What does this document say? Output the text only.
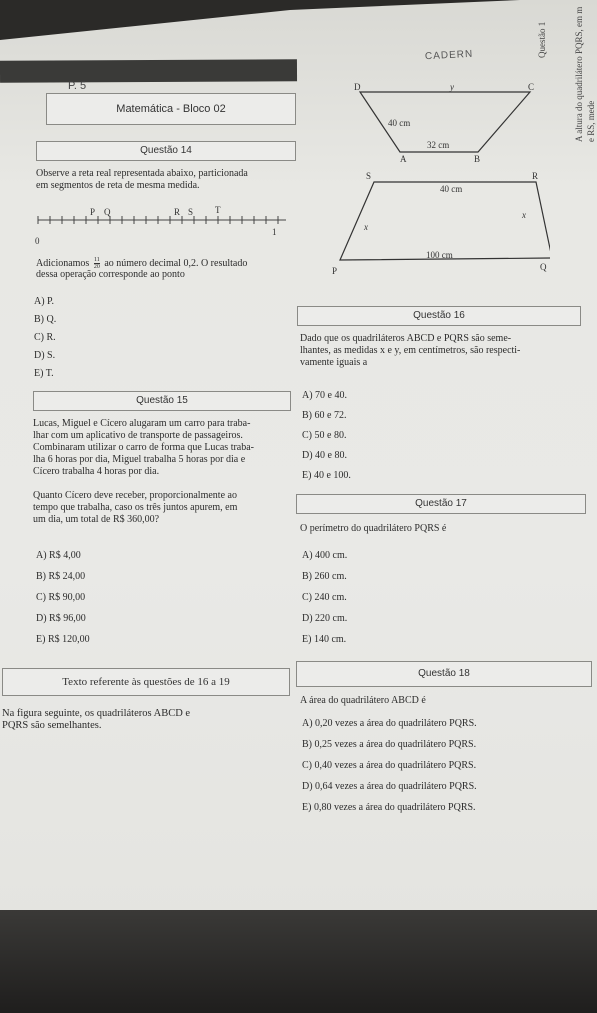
CADERN
P. 5
Questão 1	A altura do quadrilátero PQRS, em m e RS, mede
Matemática - Bloco 02
Questão 14
Observe a reta real representada abaixo, particionada
em segmentos de reta de mesma medida.
0
1
P Q	R S T
Adicionamos $\frac{11}{20}$ ao número decimal 0,2. O resultado
dessa operação corresponde ao ponto
A) P.
B) Q.
C) R.
D) S.
E) T.
Questão 15
Lucas, Miguel e Cícero alugaram um carro para traba-
lhar com um aplicativo de transporte de passageiros.
Combinaram utilizar o carro de forma que Lucas traba-
lha 6 horas por dia, Miguel trabalha 5 horas por dia e
Cícero trabalha 4 horas por dia.
Quanto Cícero deve receber, proporcionalmente ao
tempo que trabalha, caso os três juntos apurem, em
um dia, um total de R$ 360,00?
A) R$ 4,00
B) R$ 24,00
C) R$ 90,00
D) R$ 96,00
E) R$ 120,00
Texto referente às questões de 16 a 19
Na figura seguinte, os quadriláteros ABCD e
PQRS são semelhantes.
D	C
A	B
y
40 cm
32 cm
P	Q
R
S
40 cm
x
x
100 cm
Questão 16
Dado que os quadriláteros ABCD e PQRS são seme-
lhantes, as medidas x e y, em centímetros, são respecti-
vamente iguais a
A) 70 e 40.
B) 60 e 72.
C) 50 e 80.
D) 40 e 80.
E) 40 e 100.
Questão 17
O perímetro do quadrilátero PQRS é
A) 400 cm.
B) 260 cm.
C) 240 cm.
D) 220 cm.
E) 140 cm.
Questão 18
A área do quadrilátero ABCD é
A) 0,20 vezes a área do quadrilátero PQRS.
B) 0,25 vezes a área do quadrilátero PQRS.
C) 0,40 vezes a área do quadrilátero PQRS.
D) 0,64 vezes a área do quadrilátero PQRS.
E) 0,80 vezes a área do quadrilátero PQRS.
